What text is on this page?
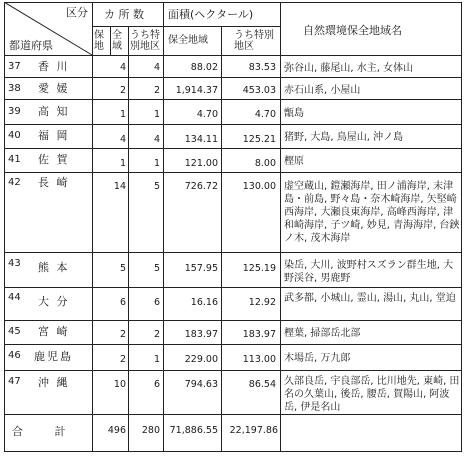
区分
都道府県
カ 所 数
保地
全域
うち特別地区
面積(ヘクタール)
保全地域	うち特別地区
自然環境保全地域名
37 香 川	4	4	88.02	83.53 弥谷山, 藤尾山, 水主, 女体山
38 愛 媛	2	2	1,914.37	453.03 赤石山系, 小屋山
39 高 知	1	1	4.70	4.70 甑島
40 福 岡	4	4	134.11	125.21 猪野, 大島, 鳥屋山, 沖ノ島
41 佐 賀	1	1	121.00	8.00 樫原
42 長 崎	14	5	726.72	130.00 虚空蔵山, 鎧瀬海岸, 田ノ浦海岸, 末津島・前島, 野々島・奈木崎海岸, 矢堅崎西海岸, 大瀬良東海岸, 高峰西海岸, 津和崎海岸, 子ツ崎, 妙見, 青海海岸, 台鋏ノ木, 茂木海岸
43 熊 本	5	5	157.95	125.19 染岳, 大川, 波野村スズラン群生地, 大野渓谷, 男鹿野
44 大 分	6	6	16.16	12.92 武多都, 小城山, 霊山, 湯山, 丸山, 堂迫
45 宮 崎	2	2	183.97	183.97 樫葉, 掃部岳北部
46 鹿児島	2	1	229.00	113.00 木場岳, 万九郎
47 沖 縄	10	6	794.63	86.54 久部良岳, 宇良部岳, 比川地先, 東崎, 田名の久葉山, 後岳, 腰岳, 賀陽山, 阿波岳, 伊是名山
合 計	496	280	71,886.55	22,197.86
